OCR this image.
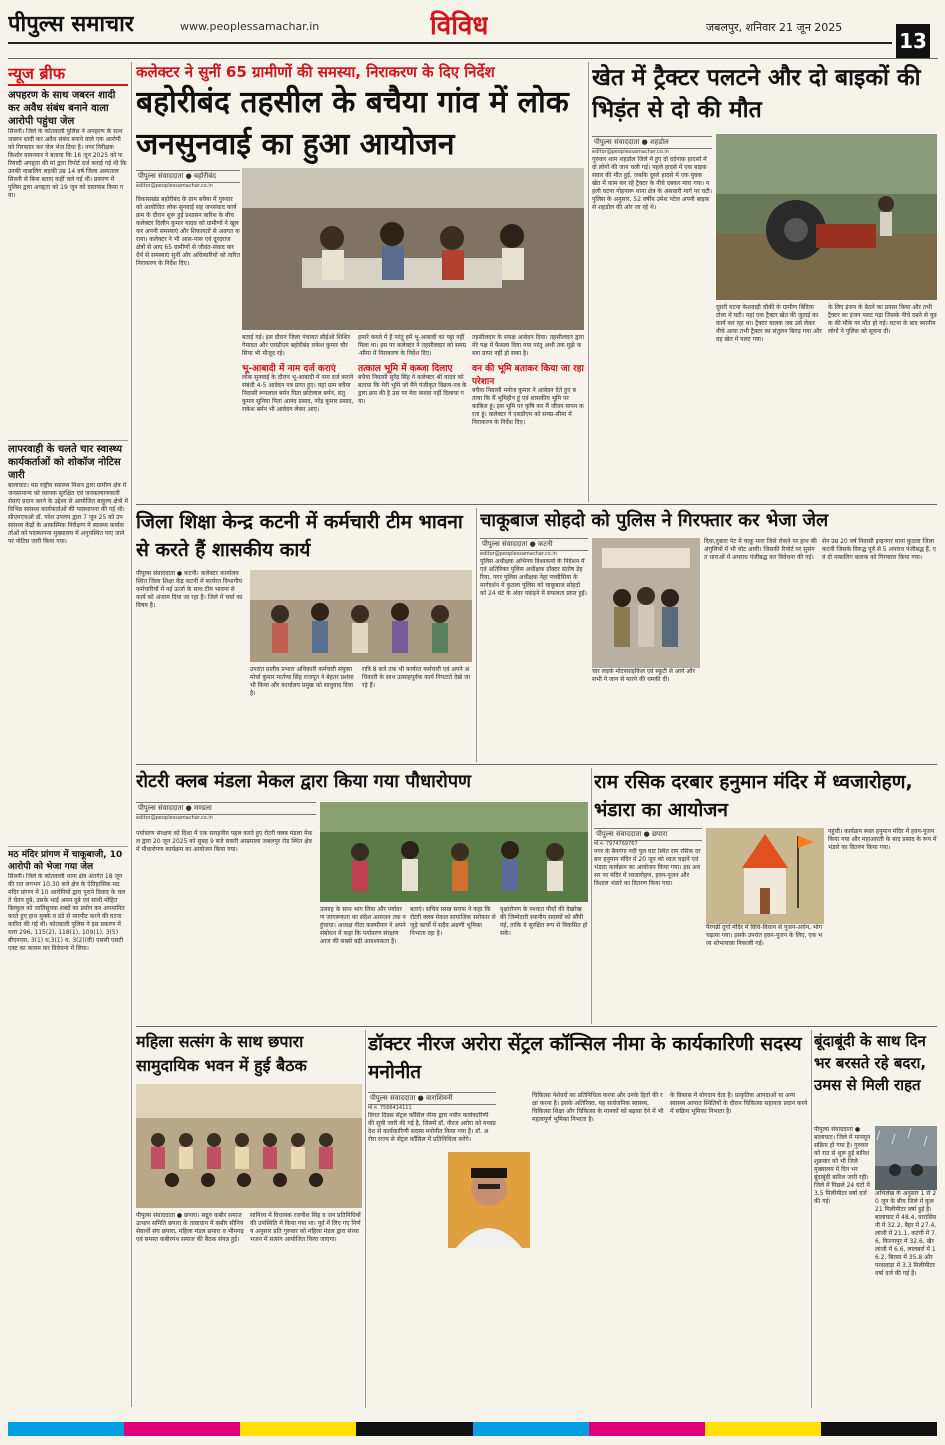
पीपुल्स समाचार	www.peoplessamachar.in	विविध	जबलपुर, शनिवार 21 जून 2025
13
न्यूज ब्रीफ
अपहरण के साथ जबरन शादी कर अवैध संबंध बनाने वाला आरोपी पहुंचा जेल
सिवनी। जिले के कोतवाली पुलिस ने अपहरण के साथ जबरन शादी कर अवैध संबंध बनाने वाले एक आरोपी को गिरफ्तार कर जेल भेज दिया है। नगर निरीक्षक किशोर वामनकर ने बताया कि 16 जून 2025 को फरियादी अपहृता की मां द्वारा रिपोर्ट दर्ज कराई गई थी कि उनकी नाबालिग लड़की उम्र 14 वर्ष जिला अस्पताल सिवनी से बिना बताए कहीं चले गई थी। प्रकरण में पुलिस द्वारा अपहृता को 19 जून को दस्तयाब किया गया।
लापरवाही के चलते चार स्वास्थ्य कार्यकर्ताओं को शोकॉज नोटिस जारी
बालाघाट। मप्र राष्ट्रीय स्वास्थ्य मिशन द्वारा ग्रामीण क्षेत्र में जनसामान्य को व्यापक सुरक्षित एवं जनकल्याणकारी सेवाएं प्रदान करने के उद्देश्य से आयोजित बाहुल्य क्षेत्रों में विभिन्न स्वास्थ्य कार्यकर्ताओं की पदस्थापना की गई थी। सीएमएचओ डॉ. परेश उपलप द्वारा 7 जून 25 को उप स्वास्थ्य केंद्रों के आकस्मिक निरीक्षण में स्वास्थ्य कार्यकर्ताओं को पदस्थापना मुख्यालय में अनुपस्थित पाए जाने पर नोटिस जारी किया गया।
मठ मंदिर प्रांगण में चाकूबाजी, 10 आरोपी को भेजा गया जेल
सिवनी। जिले के कोतवाली थाना क्षेत्र अंतर्गत 18 जून की रात लगभग 10.30 बजे क्षेत्र के ऐतिहासिक मठ मंदिर प्रांगण में 10 आरोपियों द्वारा पुराने विवाद के चलते चेतन दुबे, उसके भाई अमन दुबे एवं साथी मोहित बिल्कुल को जातिसूचक शब्दों का प्रयोग कर अपमानित करते हुए हाथ मुक्के व डंडे से मारपीट करने की घटना कारित की गई थी। कोतवाली पुलिस ने इस प्रकरण में धारा 296, 115(2), 118(1), 109(1), 3(5) बीएनएस, 3(1) ध,3(1) ध, 3(2)(वी) एससी एसटी एक्ट का कायम कर विवेचना में लिया।
कलेक्टर ने सुनीं 65 ग्रामीणों की समस्या, निराकरण के दिए निर्देश
बहोरीबंद तहसील के बचैया गांव में लोक जनसुनवाई का हुआ आयोजन
पीपुल्स संवाददाता ● बहोरीबंद
editor@peoplessamachar.co.in
विकासखंड बहोरीबंद के ग्राम बचैया में गुरुवार को आयोजित लोक सुनवाई सह जनसंवाद कार्यक्रम के दौरान शुरू हुई प्रशासन बारिश के बीच कलेक्टर दिलीप कुमार यादव को ग्रामीणों ने खुल कर अपनी समस्याएं और शिकायतों से अवगत कराया। कलेक्टर ने भी आस-पास एवं दूरदराज क्षेत्रों से आए 65 ग्रामीणों से जीवंत-संवाद कर धैर्य से समस्याएं सुनीं और अधिकारियों को त्वरित निराकरण के निर्देश दिए।
बताई गई। इस दौरान जिला पंचायत सीईओ शिशिर गेमावत और एसडीएम बहोरीबंद राकेश कुमार चौरसिया भी मौजूद रहे।
भू-आबादी में नाम दर्ज कराएं
लोक सुनवाई के दौरान भू-आबादी में नाम दर्ज कराने संबंधी 4-5 आवेदन पत्र प्राप्त हुए। यहां ग्राम बचैया निवासी रूपलाल बर्मन पिता छोटेलाल बर्मन, संतु कुमार सुनिया पिता आनंद प्रसाद, नरेंद्र कुमार प्रसाद, राकेश बर्मन भी आवेदन लेकर आए।
हमारे कब्जे में है परंतु हमें भू-आबादी का पट्टा नहीं मिला था। इस पर कलेक्टर ने तहसीलदार को समग्र-सीमा में निराकरण के निर्देश दिए।
तत्काल भूमि में कब्जा दिलाए
बचैया निवासी सुरेंद्र सिंह ने कलेक्टर श्री यादव को बताया कि मेरी भूमि जो मैंने पंजीकृत विक्रय-पत्र के द्वारा क्रय की है उस पर मेरा कब्जा नहीं दिलाया गया।
तहसीलदार के समक्ष आवेदन दिया। तहसीलदार द्वारा मेरे पक्ष में फैसला दिया गया परंतु अभी तक मुझे कब्जा प्राप्त नहीं हो सका है।
वन की भूमि बताकर किया जा रहा परेशान
बचैया निवासी मनोज कुमार ने आवेदन देते हुए बताया कि मैं भूमिहीन हूं एवं शासकीय भूमि पर काबिज हूं। इस भूमि पर कृषि कर मैं जीवन यापन करता हूं। कलेक्टर ने एसडीएम को समग्र-सीमा में निराकरण के निर्देश दिए।
खेत में ट्रैक्टर पलटने और दो बाइकों की भिड़ंत से दो की मौत
पीपुल्स संवाददाता ● शहडोल
editor@peoplessamachar.co.in
गुरुवार शाम शहडोल जिले में हुए दो दर्दनाक हादसों में दो लोगों की जान चली गई। पहले हादसे में एक बाइक सवार की मौत हुई, जबकि दूसरे हादसे में एक युवक खेत में काम कर रहे ट्रैक्टर के नीचे दबकर मारा गया। पहली घटना गोहपारू थाना क्षेत्र के असवारी मार्ग पर घटी। पुलिस के अनुसार, 52 वर्षीय उमेश पटेल अपनी बाइक से शहडोल की ओर जा रहे थे।
दूसरी घटना केशवाही चौकी के ग्रामीण बिंदिया टोला में घटी। यहां एक ट्रैक्टर खेत की जुताई का कार्य कर रहा था। ट्रैक्टर चालक जब उसे लेकर नीचे आया तभी ट्रैक्टर का संतुलन बिगड़ गया और वह खेत में पलट गया।
के लिए इंजन के बैठने का प्रयास किया और तभी ट्रैक्टर का इंजन पलट पड़ा जिसके नीचे दबने से युवक की मौके पर मौत हो गई। घटना के बाद स्थानीय लोगों ने पुलिस को सूचना दी।
जिला शिक्षा केन्द्र कटनी में कर्मचारी टीम भावना से करते हैं शासकीय कार्य
पीपुल्स संवाददाता ● कटनी। कलेक्टर कार्यालय स्थित जिला शिक्षा केंद्र कटनी में कार्यरत विभागीय कर्मचारियों में नई ऊर्जा के साथ टीम भावना से कार्य को अंजाम दिया जा रहा है। जिले में चर्चा का विषय है।
उपरांत प्रातीय प्रभारा अधिकारी कर्मचारी संयुक्त मोर्चा कुमार मार्तण्ड सिंह राजपूत ने बेहतर प्रशंसा भी किया और कार्यालय प्रमुख को साधुवाद दिया है।
रात्रि 8 बजे तक भी कार्यरत कर्मचारी एवं अपने अधिकारी के साथ उत्साहपूर्वक कार्य निपटाते देखे जा रहे हैं।
चाकूबाज सोहदो को पुलिस ने गिरफ्तार कर भेजा जेल
पीपुल्स संवाददाता ● कटनी
editor@peoplessamachar.co.in
पुलिस अधीक्षक अभिनय विश्वकर्मा के निर्देशन में एवं अतिरिक्त पुलिस अधीक्षक डॉक्टर संतोष डेहरिया, नगर पुलिस अधीक्षक नेहा पच्चीसिया के मार्गदर्शन में कुठला पुलिस को चाकूबाज सोहदो को 24 घंटे के अंदर पकड़ने में सफलता प्राप्त हुई।
चार लड़के मोटरसाइकिल एवं स्कूटी से आये और सभी ने जान से मारने की धमकी दी।
दिया,दुबारा पेट में चाकू मारा जिसे रोकने पर हाथ की अंगुलियों में भी चोट आयी। जिसकी रिपोर्ट पर सुसंगत धाराओं में अपराध पंजीबद्ध कर विवेचना की गई।
सेन उम्र 20 वर्ष निवासी इन्द्रनगर थाना कुठला जिला कटनी जिसके विरुद्ध पूर्व से 5 अपराध पंजीबद्ध हैं, एवं दो नाबालिग बालक को गिरफ्तार किया गया।
रोटरी क्लब मंडला मेकल द्वारा किया गया पौधारोपण
पीपुल्स संवाददाता ● मण्डला
editor@peoplessamachar.co.in
पर्यावरण संरक्षण को दिशा में एक सराहनीय पहल करते हुए रोटरी क्लब मंडला मेकल द्वारा 20 जून 2025 को सुबह 9 बजे सकरी आम्रमाला जबलपुर रोड स्थित क्षेत्र में पौधारोपण कार्यक्रम का आयोजन किया गया।
उत्साह के साथ भाग लिया और पर्यावरण जागरूकता का संदेश आमजन तक पहुंचाया। अध्यक्ष गीता कलमीनार ने अपने संबोधन में कहा कि पर्यावरण संरक्षण आज की सबसे बड़ी आवश्यकता है।
बताएं। सचिव प्रसन्न सराफ ने कहा कि रोटरी क्लब मेकल सामाजिक सरोकार से जुड़े कार्यों में सदैव अग्रणी भूमिका निभाता रहा है।
वृक्षारोपण के पश्चात पौधों की देखरेख की जिम्मेदारी स्थानीय सदस्यों को सौंपी गई, ताकि ये सुरक्षित रूप से विकसित हो सकें।
राम रसिक दरबार हनुमान मंदिर में ध्वजारोहण, भंडारा का आयोजन
पीपुल्स संवाददाता ● छपारा
मो.नं. 7974769767
नगर के बैनगंगा नदी पुल घाट स्थित राम रसिक दरबार हनुमान मंदिर में 20 जून को ध्वज चढ़ाने एवं भंडारा कार्यक्रम का आयोजन किया गया। इस अवसर पर मंदिर में ध्वजारोहण, हवन-पूजन और विशाल भंडारे का वितरण किया गया।
पैरपन्नी दुर्गा मंदिर में विधि-विधान से पूजन-अर्चन, भोग चढ़ाया गया। इसके उपरांत हवन-पूजन के लिए, एक भव्य शोभायात्रा निकाली गई।
पहुंची। कार्यक्रम स्थल हनुमान मंदिर में हवन-पूजन किया गया और महाआरती के बाद प्रसाद के रूप में भंडारे का वितरण किया गया।
महिला सत्संग के साथ छपारा सामुदायिक भवन में हुई बैठक
पीपुल्स संवाददाता ● छपारा। सद्गुरु कबीर समाज उत्थान समिति छपारा के तत्वाधान में कबीर सीनिय सेवार्थी संघ छपारा, महिला मंडल छपारा व भीमगढ़ एवं समस्त कबीरपंथ समाज की बैठक संपन्न हुई।
सानिध्य में विधायक रजनीश सिंह व जन प्रतिनिधियों की उपस्थिति में किया गया था। पूर्व में लिए गए निर्णय अनुसार प्रति गुरुवार को महिला मंडल द्वारा संध्या भजन में सत्संग आयोजित किया जाएगा।
डॉक्टर नीरज अरोरा सेंट्रल कॉन्सिल नीमा के कार्यकारिणी सदस्य मनोनीत
पीपुल्स संवाददाता ● वाराशिवनी
मो.नं. 7566414111
विगत दिवस सेंट्रल काँसिल नीमा द्वारा नवीन कार्यकारिणी की सूची जारी की गई है, जिसमें डॉ. नीरज अरोरा को मध्यप्रदेश से कार्यकारिणी सदस्य मनोनीत किया गया है। डॉ. अरोरा राज्य से सेंट्रल काँसिल में प्रतिनिधित्व करेंगे।
चिकित्सा पेशेवरों का प्रतिनिधित्व करना और उनके हितों की रक्षा करना है। इसके अतिरिक्त, यह सार्वजनिक स्वास्थ्य, चिकित्सा शिक्षा और चिकित्सा के मानकों को बढ़ावा देने में भी महत्वपूर्ण भूमिका निभाता है।
के विकास में योगदान देता है। प्राकृतिक आपदाओं या अन्य स्वास्थ्य आपात स्थितियों के दौरान चिकित्सा सहायता प्रदान करने में सक्रिय भूमिका निभाता है।
बूंदाबूंदी के साथ दिन भर बरसते रहे बदरा, उमस से मिली राहत
पीपुल्स संवाददाता ● बालाघाट। जिले में मानसून सक्रिय हो गया है। गुरुवार को रात से शुरू हुई बारिश शुक्रवार को भी जिले मुख्यालय में दिन भर बूंदाबूंदी बारिश जारी रही। जिले में पिछले 24 घंटों में 3.5 मिलीमीटर वर्षा दर्ज की गई।
अभिलेख के अनुसार 1 से 20 जून के बीच जिले में कुल 21 मिलीमीटर वर्षा हुई है। बालाघाट में 48.4, वारासिवनी में 32.2, बैहर में 27.4, लांजी में 21.1, कटंगी में 7.6, किरनापुर में 32.6, खैरलांजी में 6.6, लालबर्रा में 16.2, बिरसा में 35.8 और परसवाड़ा में 3.3 मिलीमीटर वर्षा दर्ज की गई है।
